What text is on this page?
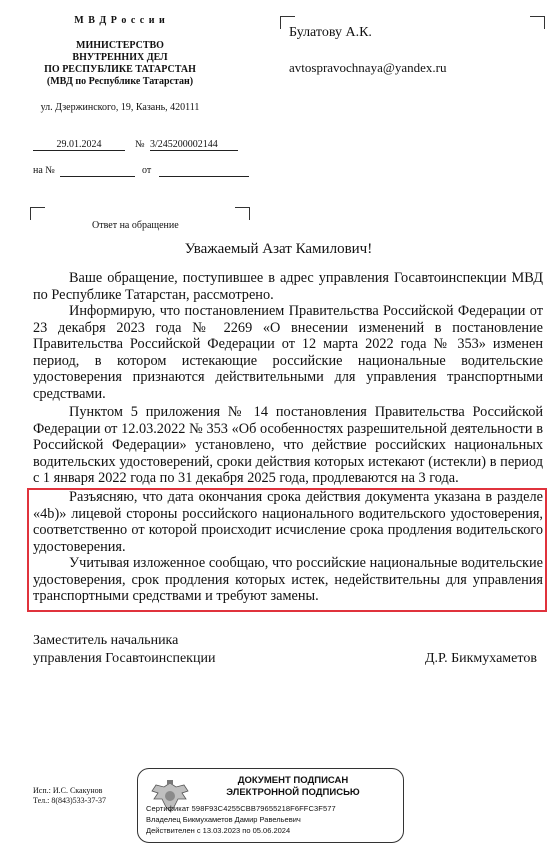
М В Д Р о с с и и
МИНИСТЕРСТВО
ВНУТРЕННИХ ДЕЛ
ПО РЕСПУБЛИКЕ ТАТАРСТАН
(МВД по Республике Татарстан)
ул. Дзержинского, 19, Казань, 420111
Булатову А.К.
avtospravochnaya@yandex.ru
29.01.2024	№ 3/245200002144
на №	от
Ответ на обращение
Уважаемый Азат Камилович!
Ваше обращение, поступившее в адрес управления Госавтоинспекции МВД по Республике Татарстан, рассмотрено.
Информирую, что постановлением Правительства Российской Федерации от 23 декабря 2023 года № 2269 «О внесении изменений в постановление Правительства Российской Федерации от 12 марта 2022 года № 353» изменен период, в котором истекающие российские национальные водительские удостоверения признаются действительными для управления транспортными средствами.
Пунктом 5 приложения № 14 постановления Правительства Российской Федерации от 12.03.2022 № 353 «Об особенностях разрешительной деятельности в Российской Федерации» установлено, что действие российских национальных водительских удостоверений, сроки действия которых истекают (истекли) в период с 1 января 2022 года по 31 декабря 2025 года, продлеваются на 3 года.
Разъясняю, что дата окончания срока действия документа указана в разделе «4b)» лицевой стороны российского национального водительского удостоверения, соответственно от которой происходит исчисление срока продления водительского удостоверения.
Учитывая изложенное сообщаю, что российские национальные водительские удостоверения, срок продления которых истек, недействительны для управления транспортными средствами и требуют замены.
Заместитель начальника
управления Госавтоинспекции	Д.Р. Бикмухаметов
Исп.: И.С. Скакунов
Тел.: 8(843)533-37-37
ДОКУМЕНТ ПОДПИСАН
ЭЛЕКТРОННОЙ ПОДПИСЬЮ
Сертификат 598F93C4255CBB79655218F6FFC3F577
Владелец Бикмухаметов Дамир Равельевич
Действителен с 13.03.2023 по 05.06.2024
